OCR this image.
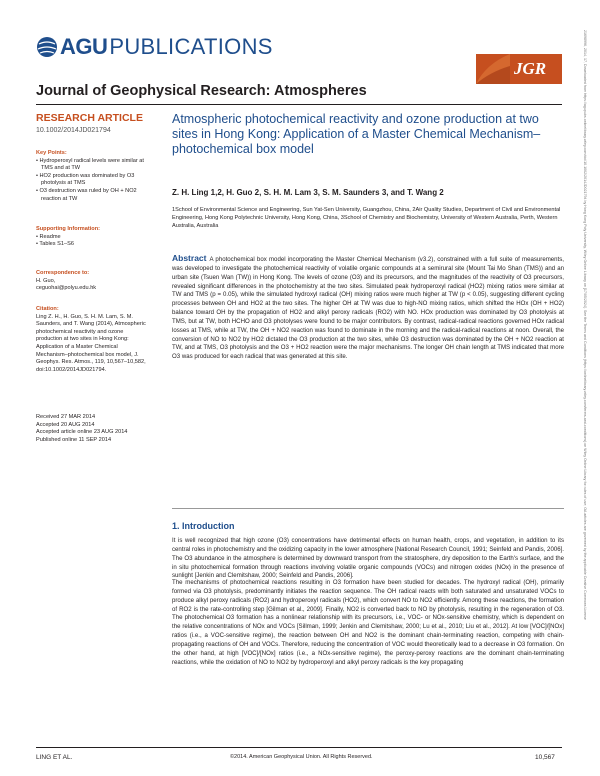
AGU PUBLICATIONS
JGR
Journal of Geophysical Research: Atmospheres
RESEARCH ARTICLE
10.1002/2014JD021794
Key Points:
• Hydroperoxyl radical levels were similar at TMS and at TW
• HO2 production was dominated by O3 photolysis at TMS
• O3 destruction was ruled by OH + NO2 reaction at TW
Supporting Information:
• Readme
• Tables S1–S6
Correspondence to:
H. Guo,
ceguohai@polyu.edu.hk
Citation:
Ling Z. H., H. Guo, S. H. M. Lam, S. M. Saunders, and T. Wang (2014), Atmospheric photochemical reactivity and ozone production at two sites in Hong Kong: Application of a Master Chemical Mechanism–photochemical box model, J. Geophys. Res. Atmos., 119, 10,567–10,582, doi:10.1002/2014JD021794.
Received 27 MAR 2014
Accepted 20 AUG 2014
Accepted article online 23 AUG 2014
Published online 11 SEP 2014
Atmospheric photochemical reactivity and ozone production at two sites in Hong Kong: Application of a Master Chemical Mechanism–photochemical box model
Z. H. Ling 1,2, H. Guo 2, S. H. M. Lam 3, S. M. Saunders 3, and T. Wang 2
1School of Environmental Science and Engineering, Sun Yat-Sen University, Guangzhou, China, 2Air Quality Studies, Department of Civil and Environmental Engineering, Hong Kong Polytechnic University, Hong Kong, China, 3School of Chemistry and Biochemistry, University of Western Australia, Perth, Western Australia, Australia
Abstract A photochemical box model incorporating the Master Chemical Mechanism (v3.2), constrained with a full suite of measurements, was developed to investigate the photochemical reactivity of volatile organic compounds at a semirural site (Mount Tai Mo Shan (TMS)) and an urban site (Tsuen Wan (TW)) in Hong Kong. The levels of ozone (O3) and its precursors, and the magnitudes of the reactivity of O3 precursors, revealed significant differences in the photochemistry at the two sites. Simulated peak hydroperoxyl radical (HO2) mixing ratios were similar at TW and TMS (p = 0.05), while the simulated hydroxyl radical (OH) mixing ratios were much higher at TW (p < 0.05), suggesting different cycling processes between OH and HO2 at the two sites. The higher OH at TW was due to high-NO mixing ratios, which shifted the HOx (OH + HO2) balance toward OH by the propagation of HO2 and alkyl peroxy radicals (RO2) with NO. HOx production was dominated by O3 photolysis at TMS, but at TW, both HCHO and O3 photolyses were found to be major contributors. By contrast, radical-radical reactions governed HOx radical losses at TMS, while at TW, the OH + NO2 reaction was found to dominate in the morning and the radical-radical reactions at noon. Overall, the conversion of NO to NO2 by HO2 dictated the O3 production at the two sites, while O3 destruction was dominated by the OH + NO2 reaction at TW, and at TMS, O3 photolysis and the O3 + HO2 reaction were the major mechanisms. The longer OH chain length at TMS indicated that more O3 was produced for each radical that was generated at this site.
1. Introduction
It is well recognized that high ozone (O3) concentrations have detrimental effects on human health, crops, and vegetation, in addition to its central roles in photochemistry and the oxidizing capacity in the lower atmosphere [National Research Council, 1991; Seinfeld and Pandis, 2006]. The O3 abundance in the atmosphere is determined by downward transport from the stratosphere, dry deposition to the Earth's surface, and the in situ photochemical formation through reactions involving volatile organic compounds (VOCs) and nitrogen oxides (NOx) in the presence of sunlight [Jenkin and Clemitshaw, 2000; Seinfeld and Pandis, 2006].
The mechanisms of photochemical reactions resulting in O3 formation have been studied for decades. The hydroxyl radical (OH), primarily formed via O3 photolysis, predominantly initiates the reaction sequence. The OH radical reacts with both saturated and unsaturated VOCs to produce alkyl peroxy radicals (RO2) and hydroperoxyl radicals (HO2), which convert NO to NO2 efficiently. Among these reactions, the formation of RO2 is the rate-controlling step [Gilman et al., 2009]. Finally, NO2 is converted back to NO by photolysis, resulting in the regeneration of O3. The photochemical O3 formation has a nonlinear relationship with its precursors, i.e., VOC- or NOx-sensitive chemistry, which is dependent on the relative concentrations of NOx and VOCs [Sillman, 1999; Jenkin and Clemitshaw, 2000; Lu et al., 2010; Liu et al., 2012]. At low [VOC]/[NOx] ratios (i.e., a VOC-sensitive regime), the reaction between OH and NO2 is the dominant chain-terminating reaction, competing with chain-propagating reactions of OH and VOCs. Therefore, reducing the concentration of VOC would theoretically lead to a decrease in O3 formation. On the other hand, at high [VOC]/[NOx] ratios (i.e., a NOx-sensitive regime), the peroxy-peroxy reactions are the dominant chain-terminating reactions, while the oxidation of NO to NO2 by hydroperoxyl and alkyl peroxy radicals is the key propagating
LING ET AL.	©2014. American Geophysical Union. All Rights Reserved.	10,567
21698996, 2014, 17, Downloaded from https://agupubs.onlinelibrary.wiley.com/doi/10.1002/2014JD021794 by Hong Kong Poly University, Wiley Online Library on [17/05/2024]. See the Terms and Conditions (https://onlinelibrary.wiley.com/terms-and-conditions) on Wiley Online Library for rules of use; OA articles are governed by the applicable Creative Commons License
